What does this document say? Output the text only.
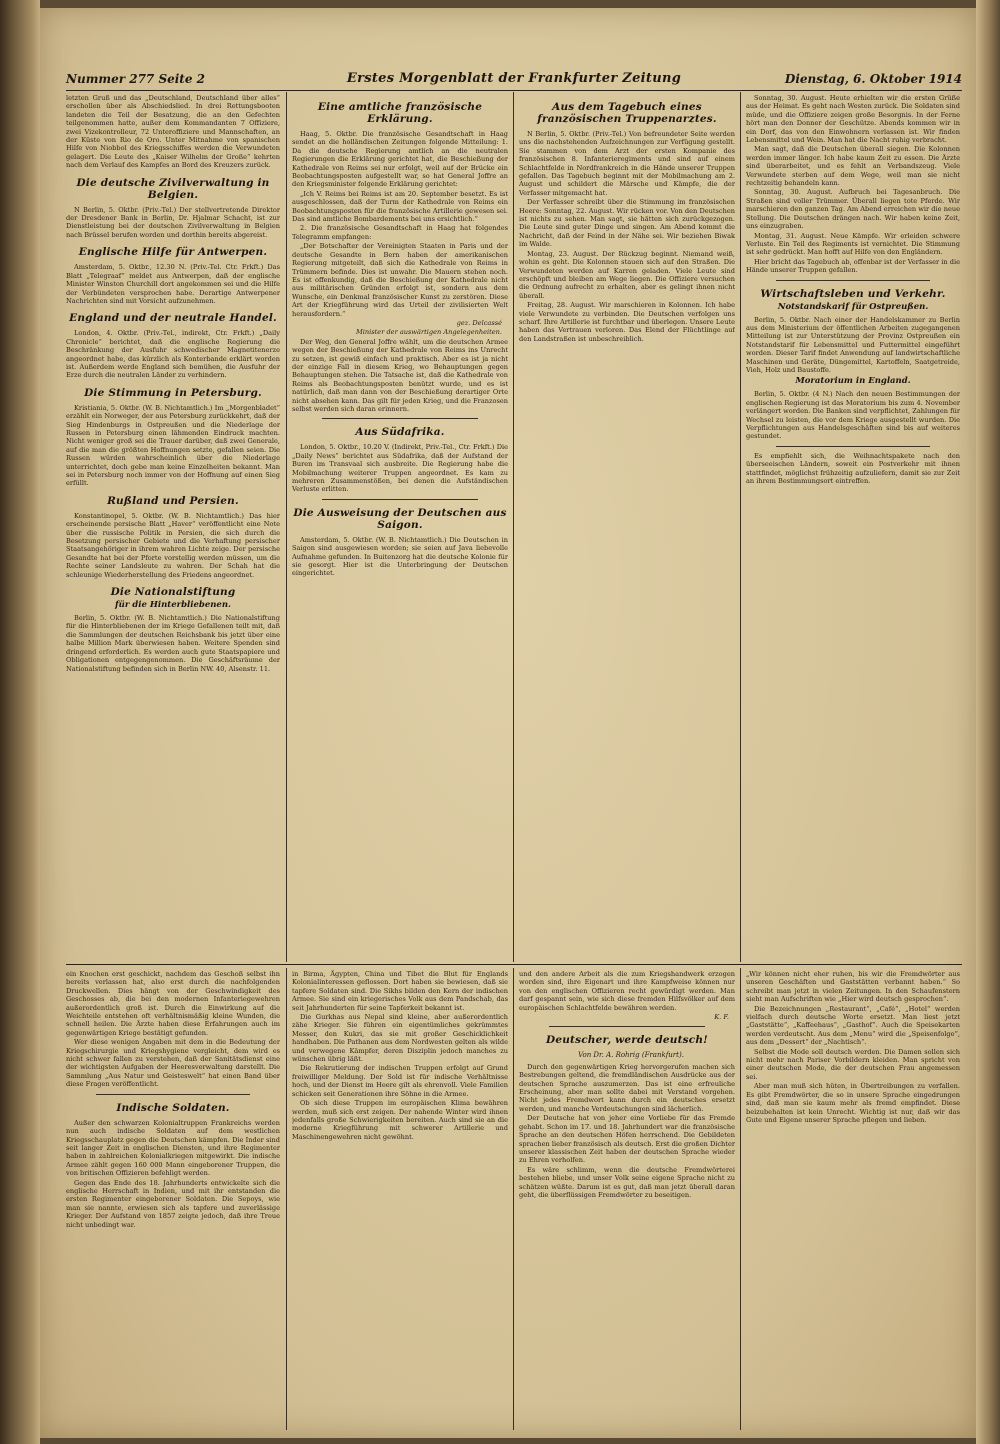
Nummer 277 Seite 2	Erstes Morgenblatt der Frankfurter Zeitung	Dienstag, 6. Oktober 1914

letzten Gruß und das „Deutschland, Deutschland über alles“ erschollen über als Abschiedslied. In drei Rettungsbooten landeten die Teil der Besatzung, die an den Gefechten teilgenommen hatte, außer dem Kommandanten 7 Offiziere, zwei Vizekontrolleur, 72 Unteroffiziere und Mannschaften, an der Küste von Rio de Oro. Unter Mitnahme von spanischen Hilfe von Niobbol des Kriegsschiffes werden die Verwundeten gelagert. Die Leute des „Kaiser Wilhelm der Große“ kehrten nach dem Verlauf des Kampfes an Bord des Kreuzers zurück.

Die deutsche Zivilverwaltung in Belgien.

N Berlin, 5. Oktbr. (Priv.-Tel.) Der stellvertretende Direktor der Dresdener Bank in Berlin, Dr. Hjalmar Schacht, ist zur Dienstleistung bei der deutschen Zivilverwaltung in Belgien nach Brüssel berufen worden und dorthin bereits abgereist.

Englische Hilfe für Antwerpen.

Amsterdam, 5. Oktbr., 12.30 N. (Priv.-Tel. Ctr. Frkft.) Das Blatt „Telegraaf“ meldet aus Antwerpen, daß der englische Minister Winston Churchill dort angekommen sei und die Hilfe der Verbündeten versprochen habe. Derartige Antwerpener Nachrichten sind mit Vorsicht aufzunehmen.

England und der neutrale Handel.

London, 4. Oktbr. (Priv.-Tel., indirekt, Ctr. Frkft.) „Daily Chronicle“ berichtet, daß die englische Regierung die Beschränkung der Ausfuhr schwedischer Magnetitenerze angeordnet habe, das kürzlich als Konterbande erklärt worden ist. Außerdem werde England sich bemühen, die Ausfuhr der Erze durch die neutralen Länder zu verhindern.

Die Stimmung in Petersburg.

Kristiania, 5. Oktbr. (W. B. Nichtamtlich.) Im „Morgenbladet“ erzählt ein Norweger, der aus Petersburg zurückkehrt, daß der Sieg Hindenburgs in Ostpreußen und die Niederlage der Russen in Petersburg einen lähmenden Eindruck machten. Nicht weniger groß sei die Trauer darüber, daß zwei Generale, auf die man die größten Hoffnungen setzte, gefallen seien. Die Russen würden wahrscheinlich über die Niederlage unterrichtet, doch gebe man keine Einzelheiten bekannt. Man sei in Petersburg noch immer von der Hoffnung auf einen Sieg erfüllt.

Rußland und Persien.

Konstantinopel, 5. Oktbr. (W. B. Nichtamtlich.) Das hier erscheinende persische Blatt „Haver“ veröffentlicht eine Note über die russische Politik in Persien, die sich durch die Besetzung persischer Gebiete und die Verhaftung persischer Staatsangehöriger in ihrem wahren Lichte zeige. Der persische Gesandte hat bei der Pforte vorstellig werden müssen, um die Rechte seiner Landsleute zu wahren. Der Schah hat die schleunige Wiederherstellung des Friedens angeordnet.

Die Nationalstiftung
für die Hinterbliebenen.

Berlin, 5. Oktbr. (W. B. Nichtamtlich.) Die Nationalstiftung für die Hinterbliebenen der im Kriege Gefallenen teilt mit, daß die Sammlungen der deutschen Reichsbank bis jetzt über eine halbe Million Mark überwiesen haben. Weitere Spenden sind dringend erforderlich. Es werden auch gute Staatspapiere und Obligationen entgegengenommen. Die Geschäftsräume der Nationalstiftung befinden sich in Berlin NW. 40, Alsenstr. 11.

Eine amtliche französische Erklärung.

Haag, 5. Oktbr. Die französische Gesandtschaft in Haag sendet an die holländischen Zeitungen folgende Mitteilung: 1. Da die deutsche Regierung amtlich an die neutralen Regierungen die Erklärung gerichtet hat, die Beschießung der Kathedrale von Reims sei nur erfolgt, weil auf der Brücke ein Beobachtungsposten aufgestellt war, so hat General Joffre an den Kriegsminister folgende Erklärung gerichtet:

„Ich V. Reims bei Reims ist am 20. September besetzt. Es ist ausgeschlossen, daß der Turm der Kathedrale von Reims ein Beobachtungsposten für die französische Artillerie gewesen sei. Das sind amtliche Bombardements bei uns ersichtlich.“

2. Die französische Gesandtschaft in Haag hat folgendes Telegramm empfangen:

„Der Botschafter der Vereinigten Staaten in Paris und der deutsche Gesandte in Bern haben der amerikanischen Regierung mitgeteilt, daß sich die Kathedrale von Reims in Trümmern befinde. Dies ist unwahr. Die Mauern stehen noch. Es ist offenkundig, daß die Beschießung der Kathedrale nicht aus militärischen Gründen erfolgt ist, sondern aus dem Wunsche, ein Denkmal französischer Kunst zu zerstören. Diese Art der Kriegführung wird das Urteil der zivilisierten Welt herausfordern.“

gez. Delcassé

Minister der auswärtigen Angelegenheiten.

Der Weg, den General Joffre wählt, um die deutschen Armee wegen der Beschießung der Kathedrale von Reims ins Unrecht zu setzen, ist gewiß einfach und praktisch. Aber es ist ja nicht der einzige Fall in diesem Krieg, wo Behauptungen gegen Behauptungen stehen. Die Tatsache ist, daß die Kathedrale von Reims als Beobachtungsposten benützt wurde, und es ist natürlich, daß man dann von der Beschießung derartiger Orte nicht absehen kann. Das gilt für jeden Krieg, und die Franzosen selbst werden sich daran erinnern.

Aus Südafrika.

London, 5. Oktbr., 10.20 V. (Indirekt, Priv.-Tel., Ctr. Frkft.) Die „Daily News“ berichtet aus Südafrika, daß der Aufstand der Buren im Transvaal sich ausbreite. Die Regierung habe die Mobilmachung weiterer Truppen angeordnet. Es kam zu mehreren Zusammenstößen, bei denen die Aufständischen Verluste erlitten.

Die Ausweisung der Deutschen aus Saigon.

Amsterdam, 5. Oktbr. (W. B. Nichtamtlich.) Die Deutschen in Saigon sind ausgewiesen worden; sie seien auf Java liebevolle Aufnahme gefunden. In Buitenzorg hat die deutsche Kolonie für sie gesorgt. Hier ist die Unterbringung der Deutschen eingerichtet.

Aus dem Tagebuch eines französischen Truppenarztes.

N Berlin, 5. Oktbr. (Priv.-Tel.) Von befreundeter Seite werden uns die nachstehenden Aufzeichnungen zur Verfügung gestellt. Sie stammen von dem Arzt der ersten Kompanie des französischen 8. Infanterieregiments und sind auf einem Schlachtfelde in Nordfrankreich in die Hände unserer Truppen gefallen. Das Tagebuch beginnt mit der Mobilmachung am 2. August und schildert die Märsche und Kämpfe, die der Verfasser mitgemacht hat.

Der Verfasser schreibt über die Stimmung im französischen Heere: Sonntag, 22. August. Wir rücken vor. Von den Deutschen ist nichts zu sehen. Man sagt, sie hätten sich zurückgezogen. Die Leute sind guter Dinge und singen. Am Abend kommt die Nachricht, daß der Feind in der Nähe sei. Wir beziehen Biwak im Walde.

Montag, 23. August. Der Rückzug beginnt. Niemand weiß, wohin es geht. Die Kolonnen stauen sich auf den Straßen. Die Verwundeten werden auf Karren geladen. Viele Leute sind erschöpft und bleiben am Wege liegen. Die Offiziere versuchen die Ordnung aufrecht zu erhalten, aber es gelingt ihnen nicht überall.

Freitag, 28. August. Wir marschieren in Kolonnen. Ich habe viele Verwundete zu verbinden. Die Deutschen verfolgen uns scharf. Ihre Artillerie ist furchtbar und überlegen. Unsere Leute haben das Vertrauen verloren. Das Elend der Flüchtlinge auf den Landstraßen ist unbeschreiblich.

Sonntag, 30. August. Heute erhielten wir die ersten Grüße aus der Heimat. Es geht nach Westen zurück. Die Soldaten sind müde, und die Offiziere zeigen große Besorgnis. In der Ferne hört man den Donner der Geschütze. Abends kommen wir in ein Dorf, das von den Einwohnern verlassen ist. Wir finden Lebensmittel und Wein. Man hat die Nacht ruhig verbracht.

Man sagt, daß die Deutschen überall siegen. Die Kolonnen werden immer länger. Ich habe kaum Zeit zu essen. Die Ärzte sind überarbeitet, und es fehlt an Verbandszeug. Viele Verwundete sterben auf dem Wege, weil man sie nicht rechtzeitig behandeln kann.

Sonntag, 30. August. Aufbruch bei Tagesanbruch. Die Straßen sind voller Trümmer. Überall liegen tote Pferde. Wir marschieren den ganzen Tag. Am Abend erreichen wir die neue Stellung. Die Deutschen drängen nach. Wir haben keine Zeit, uns einzugraben.

Montag, 31. August. Neue Kämpfe. Wir erleiden schwere Verluste. Ein Teil des Regiments ist vernichtet. Die Stimmung ist sehr gedrückt. Man hofft auf Hilfe von den Engländern.

Hier bricht das Tagebuch ab, offenbar ist der Verfasser in die Hände unserer Truppen gefallen.

Wirtschaftsleben und Verkehr.
Notstandskarif für Ostpreußen.

Berlin, 5. Oktbr. Nach einer der Handelskammer zu Berlin aus dem Ministerium der öffentlichen Arbeiten zugegangenen Mitteilung ist zur Unterstützung der Provinz Ostpreußen ein Notstandstarif für Lebensmittel und Futtermittel eingeführt worden. Dieser Tarif findet Anwendung auf landwirtschaftliche Maschinen und Geräte, Düngemittel, Kartoffeln, Saatgetreide, Vieh, Holz und Baustoffe.

Moratorium in England.

Berlin, 5. Oktbr. (4 N.) Nach den neuen Bestimmungen der englischen Regierung ist das Moratorium bis zum 4. November verlängert worden. Die Banken sind verpflichtet, Zahlungen für Wechsel zu leisten, die vor dem Kriege ausgestellt wurden. Die Verpflichtungen aus Handelsgeschäften sind bis auf weiteres gestundet.

Es empfiehlt sich, die Weihnachtspakete nach den überseeischen Ländern, soweit ein Postverkehr mit ihnen stattfindet, möglichst frühzeitig aufzuliefern, damit sie zur Zeit an ihrem Bestimmungsort eintreffen.

ein Knochen erst geschickt, nachdem das Geschoß selbst ihn bereits verlassen hat, also erst durch die nachfolgenden Druckwellen. Dies hängt von der Geschwindigkeit des Geschosses ab, die bei den modernen Infanteriegewehren außerordentlich groß ist. Durch die Einwirkung auf die Weichteile entstehen oft verhältnismäßig kleine Wunden, die schnell heilen. Die Ärzte haben diese Erfahrungen auch im gegenwärtigen Kriege bestätigt gefunden.

Wer diese wenigen Angaben mit dem in die Bedeutung der Kriegschirurgie und Kriegshygiene vergleicht, dem wird es nicht schwer fallen zu verstehen, daß der Sanitätsdienst eine der wichtigsten Aufgaben der Heeresverwaltung darstellt. Die Sammlung „Aus Natur und Geisteswelt“ hat einen Band über diese Fragen veröffentlicht.

Indische Soldaten.

Außer den schwarzen Kolonialtruppen Frankreichs werden nun auch indische Soldaten auf dem westlichen Kriegsschauplatz gegen die Deutschen kämpfen. Die Inder sind seit langer Zeit in englischen Diensten, und ihre Regimenter haben in zahlreichen Kolonialkriegen mitgewirkt. Die indische Armee zählt gegen 160 000 Mann eingeborener Truppen, die von britischen Offizieren befehligt werden.

Gegen das Ende des 18. Jahrhunderts entwickelte sich die englische Herrschaft in Indien, und mit ihr entstanden die ersten Regimenter eingeborener Soldaten. Die Sepoys, wie man sie nannte, erwiesen sich als tapfere und zuverlässige Krieger. Der Aufstand von 1857 zeigte jedoch, daß ihre Treue nicht unbedingt war.

in Birma, Ägypten, China und Tibet die Blut für Englands Kolonialinteressen geflossen. Dort haben sie bewiesen, daß sie tapfere Soldaten sind. Die Sikhs bilden den Kern der indischen Armee. Sie sind ein kriegerisches Volk aus dem Pandschab, das seit Jahrhunderten für seine Tapferkeit bekannt ist.

Die Gurkhas aus Nepal sind kleine, aber außerordentlich zähe Krieger. Sie führen ein eigentümliches gekrümmtes Messer, den Kukri, das sie mit großer Geschicklichkeit handhaben. Die Pathanen aus dem Nordwesten gelten als wilde und verwegene Kämpfer, deren Disziplin jedoch manches zu wünschen übrig läßt.

Die Rekrutierung der indischen Truppen erfolgt auf Grund freiwilliger Meldung. Der Sold ist für indische Verhältnisse hoch, und der Dienst im Heere gilt als ehrenvoll. Viele Familien schicken seit Generationen ihre Söhne in die Armee.

Ob sich diese Truppen im europäischen Klima bewähren werden, muß sich erst zeigen. Der nahende Winter wird ihnen jedenfalls große Schwierigkeiten bereiten. Auch sind sie an die moderne Kriegführung mit schwerer Artillerie und Maschinengewehren nicht gewöhnt.

und den andere Arbeit als die zum Kriegshandwerk erzogen worden sind, ihre Eigenart und ihre Kampfweise können nur von den englischen Offizieren recht gewürdigt werden. Man darf gespannt sein, wie sich diese fremden Hilfsvölker auf dem europäischen Schlachtfelde bewähren werden.

K. F.

Deutscher, werde deutsch!

Von Dr. A. Rohrig (Frankfurt).

Durch den gegenwärtigen Krieg hervorgerufen machen sich Bestrebungen geltend, die fremdländischen Ausdrücke aus der deutschen Sprache auszumerzen. Das ist eine erfreuliche Erscheinung, aber man sollte dabei mit Verstand vorgehen. Nicht jedes Fremdwort kann durch ein deutsches ersetzt werden, und manche Verdeutschungen sind lächerlich.

Der Deutsche hat von jeher eine Vorliebe für das Fremde gehabt. Schon im 17. und 18. Jahrhundert war die französische Sprache an den deutschen Höfen herrschend. Die Gebildeten sprachen lieber französisch als deutsch. Erst die großen Dichter unserer klassischen Zeit haben der deutschen Sprache wieder zu Ehren verholfen.

Es wäre schlimm, wenn die deutsche Fremdwörterei bestehen bliebe, und unser Volk seine eigene Sprache nicht zu schätzen wüßte. Darum ist es gut, daß man jetzt überall daran geht, die überflüssigen Fremdwörter zu beseitigen.

„Wir können nicht eher ruhen, bis wir die Fremdwörter aus unseren Geschäften und Gaststätten verbannt haben.“ So schreibt man jetzt in vielen Zeitungen. In den Schaufenstern sieht man Aufschriften wie „Hier wird deutsch gesprochen“.

Die Bezeichnungen „Restaurant“, „Café“, „Hotel“ werden vielfach durch deutsche Worte ersetzt. Man liest jetzt „Gaststätte“, „Kaffeehaus“, „Gasthof“. Auch die Speisekarten werden verdeutscht. Aus dem „Menu“ wird die „Speisenfolge“, aus dem „Dessert“ der „Nachtisch“.

Selbst die Mode soll deutsch werden. Die Damen sollen sich nicht mehr nach Pariser Vorbildern kleiden. Man spricht von einer deutschen Mode, die der deutschen Frau angemessen sei.

Aber man muß sich hüten, in Übertreibungen zu verfallen. Es gibt Fremdwörter, die so in unsere Sprache eingedrungen sind, daß man sie kaum mehr als fremd empfindet. Diese beizubehalten ist kein Unrecht. Wichtig ist nur, daß wir das Gute und Eigene unserer Sprache pflegen und lieben.
